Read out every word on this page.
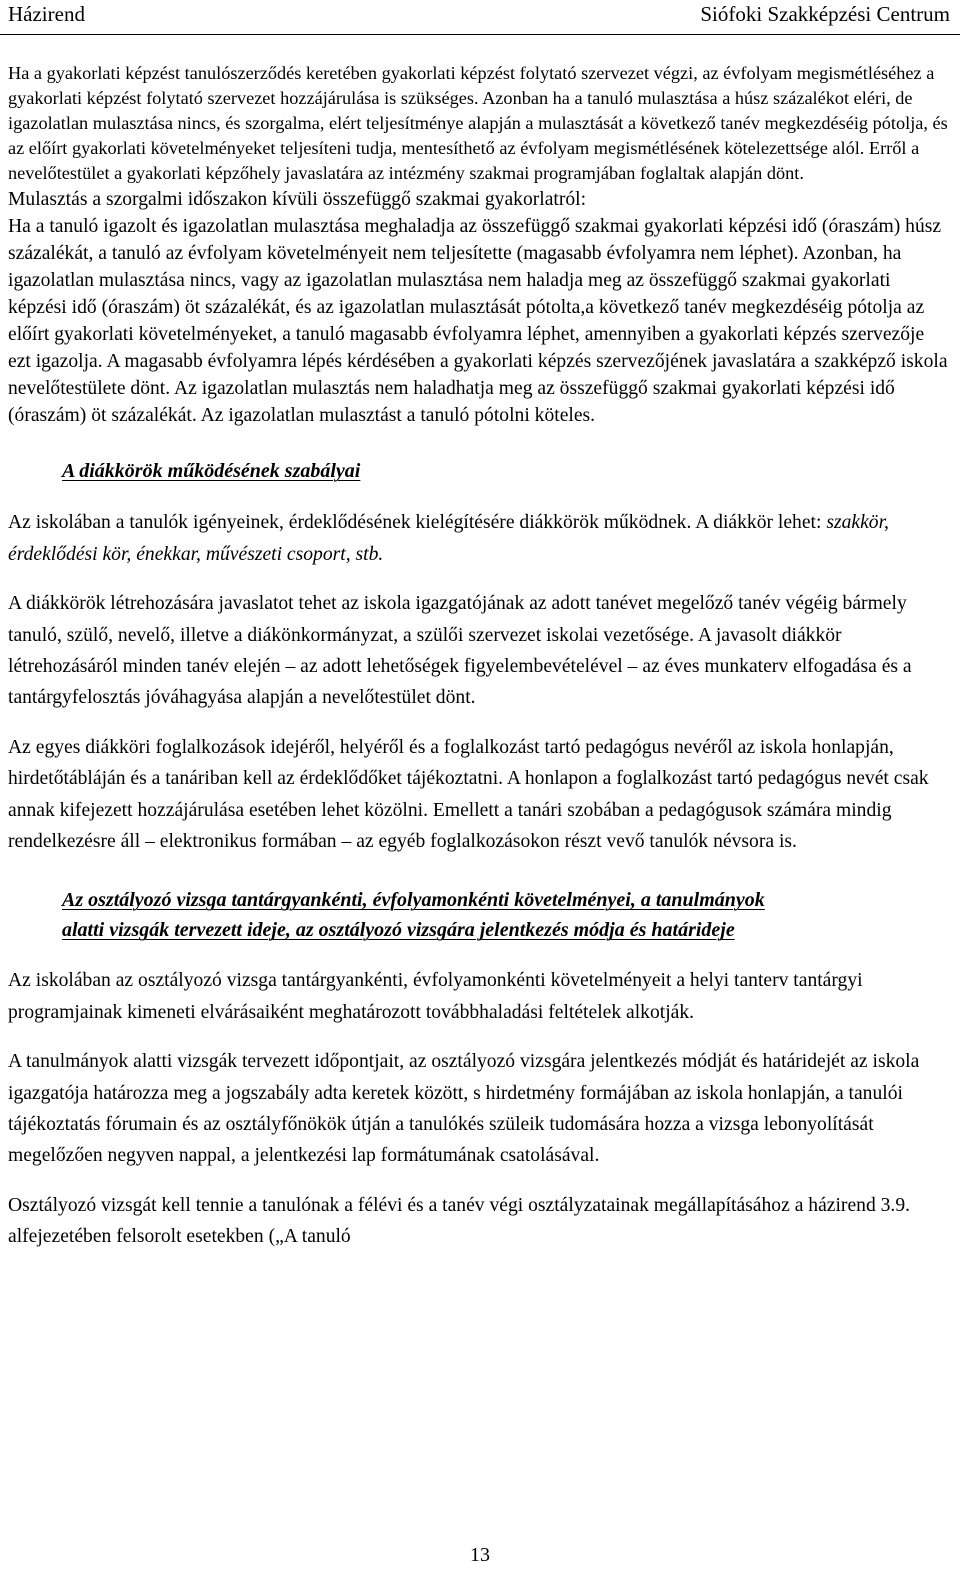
Házirend	Siófoki Szakképzési Centrum

Ha a gyakorlati képzést tanulószerződés keretében gyakorlati képzést folytató szervezet végzi, az évfolyam megismétléséhez a gyakorlati képzést folytató szervezet hozzájárulása is szükséges. Azonban ha a tanuló mulasztása a húsz százalékot eléri, de igazolatlan mulasztása nincs, és szorgalma, elért teljesítménye alapján a mulasztását a következő tanév megkezdéséig pótolja, és az előírt gyakorlati követelményeket teljesíteni tudja, mentesíthető az évfolyam megismétlésének kötelezettsége alól. Erről a nevelőtestület a gyakorlati képzőhely javaslatára az intézmény szakmai programjában foglaltak alapján dönt.

Mulasztás a szorgalmi időszakon kívüli összefüggő szakmai gyakorlatról:

Ha a tanuló igazolt és igazolatlan mulasztása meghaladja az összefüggő szakmai gyakorlati képzési idő (óraszám) húsz százalékát, a tanuló az évfolyam követelményeit nem teljesítette (magasabb évfolyamra nem léphet). Azonban, ha igazolatlan mulasztása nincs, vagy az igazolatlan mulasztása nem haladja meg az összefüggő szakmai gyakorlati képzési idő (óraszám) öt százalékát, és az igazolatlan mulasztását pótolta,a következő tanév megkezdéséig pótolja az előírt gyakorlati követelményeket, a tanuló magasabb évfolyamra léphet, amennyiben a gyakorlati képzés szervezője ezt igazolja. A magasabb évfolyamra lépés kérdésében a gyakorlati képzés szervezőjének javaslatára a szakképző iskola nevelőtestülete dönt. Az igazolatlan mulasztás nem haladhatja meg az összefüggő szakmai gyakorlati képzési idő (óraszám) öt százalékát. Az igazolatlan mulasztást a tanuló pótolni köteles.

A diákkörök működésének szabályai

Az iskolában a tanulók igényeinek, érdeklődésének kielégítésére diákkörök működnek. A diákkör lehet: szakkör, érdeklődési kör, énekkar, művészeti csoport, stb.

A diákkörök létrehozására javaslatot tehet az iskola igazgatójának az adott tanévet megelőző tanév végéig bármely tanuló, szülő, nevelő, illetve a diákönkormányzat, a szülői szervezet iskolai vezetősége. A javasolt diákkör létrehozásáról minden tanév elején – az adott lehetőségek figyelembevételével – az éves munkaterv elfogadása és a tantárgyfelosztás jóváhagyása alapján a nevelőtestület dönt.

Az egyes diákköri foglalkozások idejéről, helyéről és a foglalkozást tartó pedagógus nevéről az iskola honlapján, hirdetőtábláján és a tanáriban kell az érdeklődőket tájékoztatni. A honlapon a foglalkozást tartó pedagógus nevét csak annak kifejezett hozzájárulása esetében lehet közölni. Emellett a tanári szobában a pedagógusok számára mindig rendelkezésre áll – elektronikus formában – az egyéb foglalkozásokon részt vevő tanulók névsora is.

Az osztályozó vizsga tantárgyankénti, évfolyamonkénti követelményei, a tanulmányok
alatti vizsgák tervezett ideje, az osztályozó vizsgára jelentkezés módja és határideje

Az iskolában az osztályozó vizsga tantárgyankénti, évfolyamonkénti követelményeit a helyi tanterv tantárgyi programjainak kimeneti elvárásaiként meghatározott továbbhaladási feltételek alkotják.

A tanulmányok alatti vizsgák tervezett időpontjait, az osztályozó vizsgára jelentkezés módját és határidejét az iskola igazgatója határozza meg a jogszabály adta keretek között, s hirdetmény formájában az iskola honlapján, a tanulói tájékoztatás fórumain és az osztályfőnökök útján a tanulókés szüleik tudomására hozza a vizsga lebonyolítását megelőzően negyven nappal, a jelentkezési lap formátumának csatolásával.

Osztályozó vizsgát kell tennie a tanulónak a félévi és a tanév végi osztályzatainak megállapításához a házirend 3.9. alfejezetében felsorolt esetekben („A tanuló

13
